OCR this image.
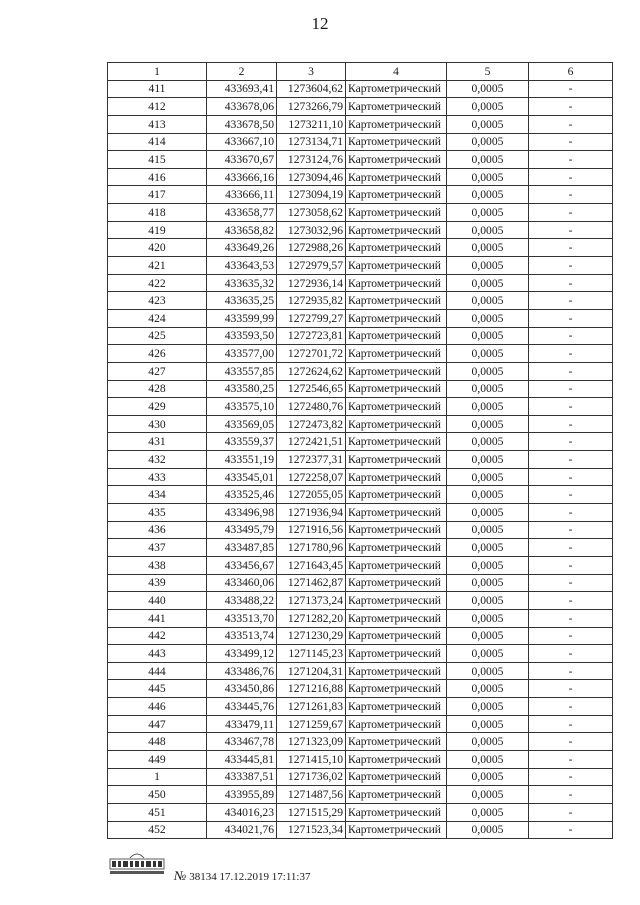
12
1	2	3	4	5	6
411	433693,41	1273604,62	Картометрический	0,0005	-
412	433678,06	1273266,79	Картометрический	0,0005	-
413	433678,50	1273211,10	Картометрический	0,0005	-
414	433667,10	1273134,71	Картометрический	0,0005	-
415	433670,67	1273124,76	Картометрический	0,0005	-
416	433666,16	1273094,46	Картометрический	0,0005	-
417	433666,11	1273094,19	Картометрический	0,0005	-
418	433658,77	1273058,62	Картометрический	0,0005	-
419	433658,82	1273032,96	Картометрический	0,0005	-
420	433649,26	1272988,26	Картометрический	0,0005	-
421	433643,53	1272979,57	Картометрический	0,0005	-
422	433635,32	1272936,14	Картометрический	0,0005	-
423	433635,25	1272935,82	Картометрический	0,0005	-
424	433599,99	1272799,27	Картометрический	0,0005	-
425	433593,50	1272723,81	Картометрический	0,0005	-
426	433577,00	1272701,72	Картометрический	0,0005	-
427	433557,85	1272624,62	Картометрический	0,0005	-
428	433580,25	1272546,65	Картометрический	0,0005	-
429	433575,10	1272480,76	Картометрический	0,0005	-
430	433569,05	1272473,82	Картометрический	0,0005	-
431	433559,37	1272421,51	Картометрический	0,0005	-
432	433551,19	1272377,31	Картометрический	0,0005	-
433	433545,01	1272258,07	Картометрический	0,0005	-
434	433525,46	1272055,05	Картометрический	0,0005	-
435	433496,98	1271936,94	Картометрический	0,0005	-
436	433495,79	1271916,56	Картометрический	0,0005	-
437	433487,85	1271780,96	Картометрический	0,0005	-
438	433456,67	1271643,45	Картометрический	0,0005	-
439	433460,06	1271462,87	Картометрический	0,0005	-
440	433488,22	1271373,24	Картометрический	0,0005	-
441	433513,70	1271282,20	Картометрический	0,0005	-
442	433513,74	1271230,29	Картометрический	0,0005	-
443	433499,12	1271145,23	Картометрический	0,0005	-
444	433486,76	1271204,31	Картометрический	0,0005	-
445	433450,86	1271216,88	Картометрический	0,0005	-
446	433445,76	1271261,83	Картометрический	0,0005	-
447	433479,11	1271259,67	Картометрический	0,0005	-
448	433467,78	1271323,09	Картометрический	0,0005	-
449	433445,81	1271415,10	Картометрический	0,0005	-
1	433387,51	1271736,02	Картометрический	0,0005	-
450	433955,89	1271487,56	Картометрический	0,0005	-
451	434016,23	1271515,29	Картометрический	0,0005	-
452	434021,76	1271523,34	Картометрический	0,0005	-
№ 38134 17.12.2019 17:11:37
